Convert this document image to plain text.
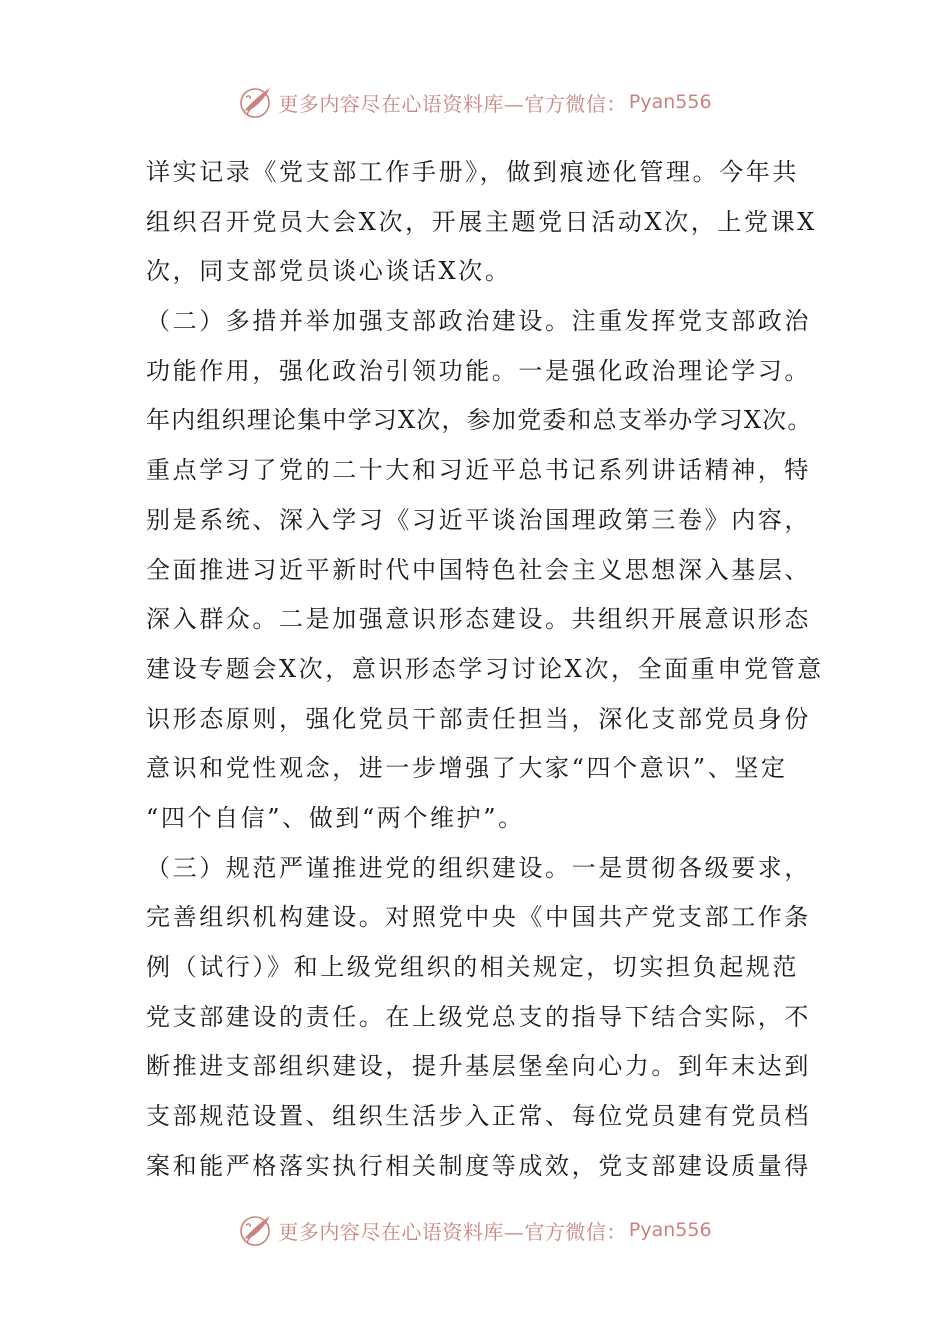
更多内容尽在心语资料库—官方微信： Pyan556
详实记录《党支部工作手册》，做到痕迹化管理。今年共
组织召开党员大会X次，开展主题党日活动X次，上党课X
次，同支部党员谈心谈话X次。
（二）多措并举加强支部政治建设。注重发挥党支部政治
功能作用，强化政治引领功能。一是强化政治理论学习。
年内组织理论集中学习X次，参加党委和总支举办学习X次。
重点学习了党的二十大和习近平总书记系列讲话精神，特
别是系统、深入学习《习近平谈治国理政第三卷》内容，
全面推进习近平新时代中国特色社会主义思想深入基层、
深入群众。二是加强意识形态建设。共组织开展意识形态
建设专题会X次，意识形态学习讨论X次，全面重申党管意
识形态原则，强化党员干部责任担当，深化支部党员身份
意识和党性观念，进一步增强了大家“四个意识”、坚定
“四个自信”、做到“两个维护”。
（三）规范严谨推进党的组织建设。一是贯彻各级要求，
完善组织机构建设。对照党中央《中国共产党支部工作条
例（试行）》和上级党组织的相关规定，切实担负起规范
党支部建设的责任。在上级党总支的指导下结合实际，不
断推进支部组织建设，提升基层堡垒向心力。到年末达到
支部规范设置、组织生活步入正常、每位党员建有党员档
案和能严格落实执行相关制度等成效，党支部建设质量得
更多内容尽在心语资料库—官方微信： Pyan556
